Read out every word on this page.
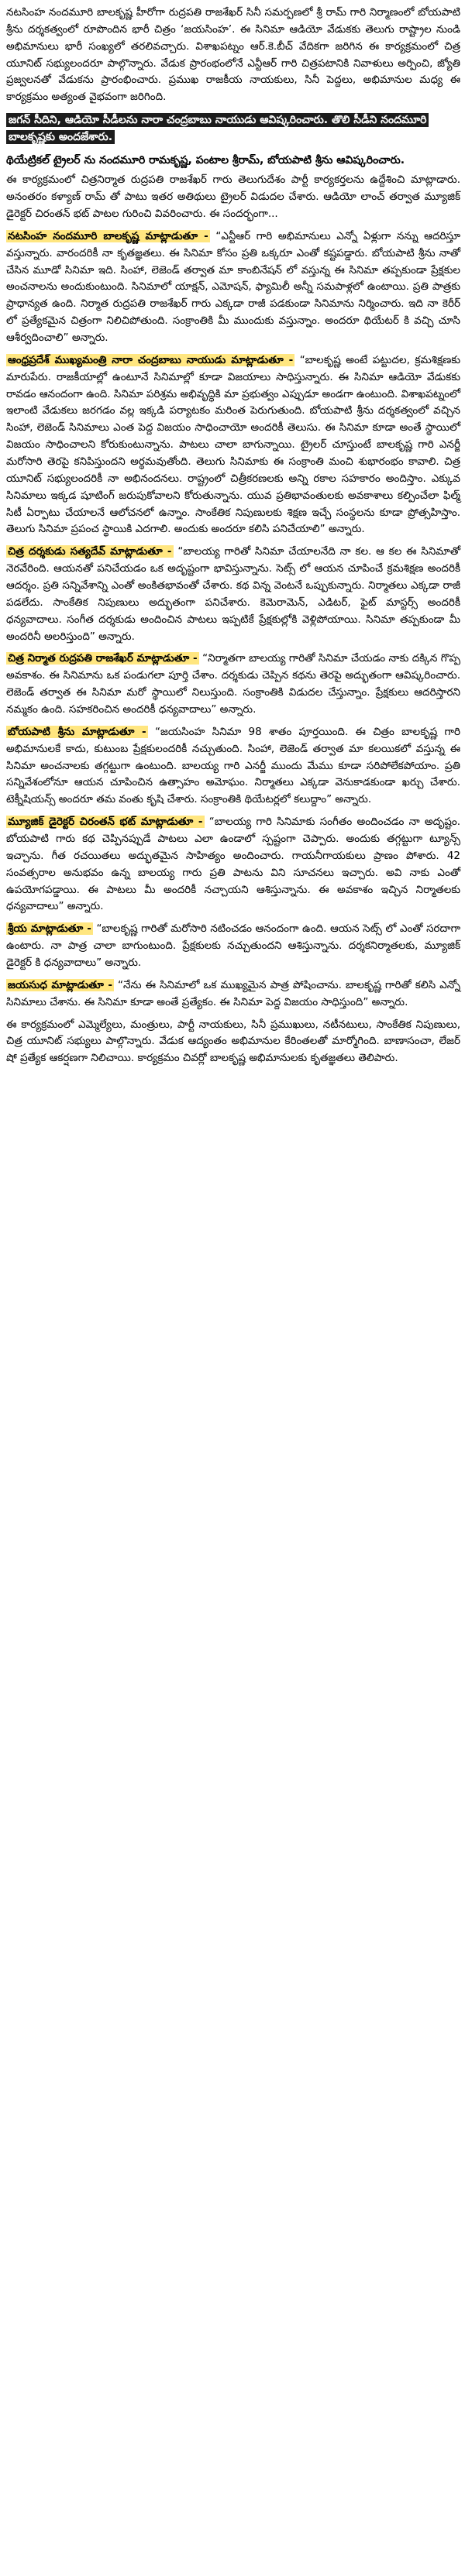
నటసింహ నందమూరి బాలకృష్ణ హీరోగా రుద్రపతి రాజశేఖర్ సినీ సమర్పణలో శ్రీ రామ్ గారి నిర్మాణంలో బోయపాటి శ్రీను దర్శకత్వంలో రూపొందిన భారీ చిత్రం ‘జయసింహ’. ఈ సినిమా ఆడియో వేడుకకు తెలుగు రాష్ట్రాల నుండి అభిమానులు భారీ సంఖ్యలో తరలివచ్చారు. విశాఖపట్నం ఆర్.కె.బీచ్ వేదికగా జరిగిన ఈ కార్యక్రమంలో చిత్ర యూనిట్ సభ్యులందరూ పాల్గొన్నారు. వేడుక ప్రారంభంలోనే ఎన్టీఆర్ గారి చిత్రపటానికి నివాళులు అర్పించి, జ్యోతి ప్రజ్వలనతో వేడుకను ప్రారంభించారు. ప్రముఖ రాజకీయ నాయకులు, సినీ పెద్దలు, అభిమానుల మధ్య ఈ కార్యక్రమం అత్యంత వైభవంగా జరిగింది.

జగన్ సీదిని, ఆడియో సీడీలను నారా చంద్రబాబు నాయుడు ఆవిష్కరించారు. తొలి సీడీని నందమూరి బాలకృష్ణకు అందజేశారు.
థియేట్రికల్ ట్రైలర్ ను నందమూరి రామకృష్ణ, పంటాల శ్రీరామ్, బోయపాటి శ్రీను ఆవిష్కరించారు.

ఈ కార్యక్రమంలో చిత్రనిర్మాత రుద్రపతి రాజశేఖర్ గారు తెలుగుదేశం పార్టీ కార్యకర్తలను ఉద్దేశించి మాట్లాడారు. అనంతరం కళ్యాణ్ రామ్ తో పాటు ఇతర అతిథులు ట్రైలర్ విడుదల చేశారు. ఆడియో లాంచ్ తర్వాత మ్యూజిక్ డైరెక్టర్ చిరంతన్ భట్ పాటల గురించి వివరించారు. ఈ సందర్భంగా...

నటసింహ నందమూరి బాలకృష్ణ మాట్లాడుతూ - “ఎన్టీఆర్ గారి అభిమానులు ఎన్నో ఏళ్లుగా నన్ను ఆదరిస్తూ వస్తున్నారు. వారందరికీ నా కృతజ్ఞతలు. ఈ సినిమా కోసం ప్రతి ఒక్కరూ ఎంతో కష్టపడ్డారు. బోయపాటి శ్రీను నాతో చేసిన మూడో సినిమా ఇది. సింహా, లెజెండ్ తర్వాత మా కాంబినేషన్ లో వస్తున్న ఈ సినిమా తప్పకుండా ప్రేక్షకుల అంచనాలను అందుకుంటుంది. సినిమాలో యాక్షన్, ఎమోషన్, ఫ్యామిలీ అన్నీ సమపాళ్లలో ఉంటాయి. ప్రతి పాత్రకు ప్రాధాన్యత ఉంది. నిర్మాత రుద్రపతి రాజశేఖర్ గారు ఎక్కడా రాజీ పడకుండా సినిమాను నిర్మించారు. ఇది నా కెరీర్ లో ప్రత్యేకమైన చిత్రంగా నిలిచిపోతుంది. సంక్రాంతికి మీ ముందుకు వస్తున్నాం. అందరూ థియేటర్ కి వచ్చి చూసి ఆశీర్వదించాలి” అన్నారు.

ఆంధ్రప్రదేశ్ ముఖ్యమంత్రి నారా చంద్రబాబు నాయుడు మాట్లాడుతూ - “బాలకృష్ణ అంటే పట్టుదల, క్రమశిక్షణకు మారుపేరు. రాజకీయాల్లో ఉంటూనే సినిమాల్లో కూడా విజయాలు సాధిస్తున్నారు. ఈ సినిమా ఆడియో వేడుకకు రావడం ఆనందంగా ఉంది. సినిమా పరిశ్రమ అభివృద్ధికి మా ప్రభుత్వం ఎప్పుడూ అండగా ఉంటుంది. విశాఖపట్నంలో ఇలాంటి వేడుకలు జరగడం వల్ల ఇక్కడి పర్యాటకం మరింత పెరుగుతుంది. బోయపాటి శ్రీను దర్శకత్వంలో వచ్చిన సింహా, లెజెండ్ సినిమాలు ఎంత పెద్ద విజయం సాధించాయో అందరికీ తెలుసు. ఈ సినిమా కూడా అంతే స్థాయిలో విజయం సాధించాలని కోరుకుంటున్నాను. పాటలు చాలా బాగున్నాయి. ట్రైలర్ చూస్తుంటే బాలకృష్ణ గారి ఎనర్జీ మరోసారి తెరపై కనిపిస్తుందని అర్థమవుతోంది. తెలుగు సినిమాకు ఈ సంక్రాంతి మంచి శుభారంభం కావాలి. చిత్ర యూనిట్ సభ్యులందరికీ నా అభినందనలు. రాష్ట్రంలో చిత్రీకరణలకు అన్ని రకాల సహకారం అందిస్తాం. ఎక్కువ సినిమాలు ఇక్కడ షూటింగ్ జరుపుకోవాలని కోరుతున్నాను. యువ ప్రతిభావంతులకు అవకాశాలు కల్పించేలా ఫిల్మ్ సిటీ ఏర్పాటు చేయాలనే ఆలోచనలో ఉన్నాం. సాంకేతిక నిపుణులకు శిక్షణ ఇచ్చే సంస్థలను కూడా ప్రోత్సహిస్తాం. తెలుగు సినిమా ప్రపంచ స్థాయికి ఎదగాలి. అందుకు అందరూ కలిసి పనిచేయాలి” అన్నారు.

చిత్ర దర్శకుడు సత్యదేవ్ మాట్లాడుతూ - “బాలయ్య గారితో సినిమా చేయాలనేది నా కల. ఆ కల ఈ సినిమాతో నెరవేరింది. ఆయనతో పనిచేయడం ఒక అదృష్టంగా భావిస్తున్నాను. సెట్స్ లో ఆయన చూపించే క్రమశిక్షణ అందరికీ ఆదర్శం. ప్రతి సన్నివేశాన్ని ఎంతో అంకితభావంతో చేశారు. కథ విన్న వెంటనే ఒప్పుకున్నారు. నిర్మాతలు ఎక్కడా రాజీ పడలేదు. సాంకేతిక నిపుణులు అద్భుతంగా పనిచేశారు. కెమెరామెన్, ఎడిటర్, ఫైట్ మాస్టర్స్ అందరికీ ధన్యవాదాలు. సంగీత దర్శకుడు అందించిన పాటలు ఇప్పటికే ప్రేక్షకుల్లోకి వెళ్లిపోయాయి. సినిమా తప్పకుండా మీ అందరినీ అలరిస్తుంది” అన్నారు.

చిత్ర నిర్మాత రుద్రపతి రాజశేఖర్ మాట్లాడుతూ - “నిర్మాతగా బాలయ్య గారితో సినిమా చేయడం నాకు దక్కిన గొప్ప అవకాశం. ఈ సినిమాను ఒక పండుగలా పూర్తి చేశాం. దర్శకుడు చెప్పిన కథను తెరపై అద్భుతంగా ఆవిష్కరించారు. లెజెండ్ తర్వాత ఈ సినిమా మరో స్థాయిలో నిలుస్తుంది. సంక్రాంతికి విడుదల చేస్తున్నాం. ప్రేక్షకులు ఆదరిస్తారని నమ్మకం ఉంది. సహకరించిన అందరికీ ధన్యవాదాలు” అన్నారు.

బోయపాటి శ్రీను మాట్లాడుతూ - “జయసింహ సినిమా 98 శాతం పూర్తయింది. ఈ చిత్రం బాలకృష్ణ గారి అభిమానులకే కాదు, కుటుంబ ప్రేక్షకులందరికీ నచ్చుతుంది. సింహా, లెజెండ్ తర్వాత మా కలయికలో వస్తున్న ఈ సినిమా అంచనాలకు తగ్గట్టుగా ఉంటుంది. బాలయ్య గారి ఎనర్జీ ముందు మేము కూడా సరిపోలేకపోయాం. ప్రతి సన్నివేశంలోనూ ఆయన చూపించిన ఉత్సాహం అమోఘం. నిర్మాతలు ఎక్కడా వెనుకాడకుండా ఖర్చు చేశారు. టెక్నీషియన్స్ అందరూ తమ వంతు కృషి చేశారు. సంక్రాంతికి థియేటర్లలో కలుద్దాం” అన్నారు.

మ్యూజిక్ డైరెక్టర్ చిరంతన్ భట్ మాట్లాడుతూ - “బాలయ్య గారి సినిమాకు సంగీతం అందించడం నా అదృష్టం. బోయపాటి గారు కథ చెప్పినప్పుడే పాటలు ఎలా ఉండాలో స్పష్టంగా చెప్పారు. అందుకు తగ్గట్టుగా ట్యూన్స్ ఇచ్చాను. గీత రచయితలు అద్భుతమైన సాహిత్యం అందించారు. గాయనీగాయకులు ప్రాణం పోశారు. 42 సంవత్సరాల అనుభవం ఉన్న బాలయ్య గారు ప్రతి పాటను విని సూచనలు ఇచ్చారు. అవి నాకు ఎంతో ఉపయోగపడ్డాయి. ఈ పాటలు మీ అందరికీ నచ్చాయని ఆశిస్తున్నాను. ఈ అవకాశం ఇచ్చిన నిర్మాతలకు ధన్యవాదాలు” అన్నారు.

శ్రీయ మాట్లాడుతూ - “బాలకృష్ణ గారితో మరోసారి నటించడం ఆనందంగా ఉంది. ఆయన సెట్స్ లో ఎంతో సరదాగా ఉంటారు. నా పాత్ర చాలా బాగుంటుంది. ప్రేక్షకులకు నచ్చుతుందని ఆశిస్తున్నాను. దర్శకనిర్మాతలకు, మ్యూజిక్ డైరెక్టర్ కి ధన్యవాదాలు” అన్నారు.

జయసుధ మాట్లాడుతూ - “నేను ఈ సినిమాలో ఒక ముఖ్యమైన పాత్ర పోషించాను. బాలకృష్ణ గారితో కలిసి ఎన్నో సినిమాలు చేశాను. ఈ సినిమా కూడా అంతే ప్రత్యేకం. ఈ సినిమా పెద్ద విజయం సాధిస్తుంది” అన్నారు.

ఈ కార్యక్రమంలో ఎమ్మెల్యేలు, మంత్రులు, పార్టీ నాయకులు, సినీ ప్రముఖులు, నటీనటులు, సాంకేతిక నిపుణులు, చిత్ర యూనిట్ సభ్యులు పాల్గొన్నారు. వేడుక ఆద్యంతం అభిమానుల కేరింతలతో మార్మోగింది. బాణాసంచా, లేజర్ షో ప్రత్యేక ఆకర్షణగా నిలిచాయి. కార్యక్రమం చివర్లో బాలకృష్ణ అభిమానులకు కృతజ్ఞతలు తెలిపారు.
